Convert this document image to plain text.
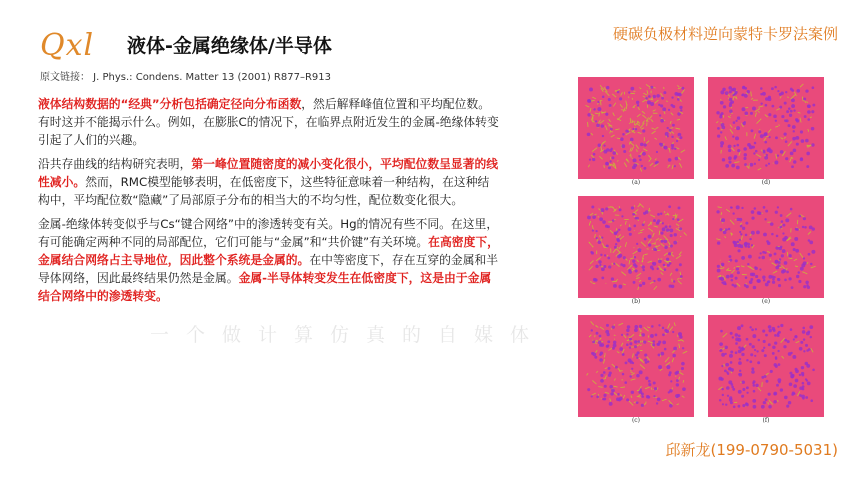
Qxl	液体-金属绝缘体/半导体
硬碳负极材料逆向蒙特卡罗法案例
原文链接： J. Phys.: Condens. Matter 13 (2001) R877–R913

液体结构数据的“经典”分析包括确定径向分布函数，然后解释峰值位置和平均配位数。有时这并不能揭示什么。例如，在膨胀C的情况下，在临界点附近发生的金属-绝缘体转变引起了人们的兴趣。

沿共存曲线的结构研究表明，第一峰位置随密度的减小变化很小，平均配位数呈显著的线性减小。然而，RMC模型能够表明，在低密度下，这些特征意味着一种结构，在这种结构中，平均配位数“隐藏”了局部原子分布的相当大的不均匀性，配位数变化很大。

金属-绝缘体转变似乎与Cs“键合网络”中的渗透转变有关。Hg的情况有些不同。在这里，有可能确定两种不同的局部配位，它们可能与“金属”和“共价键”有关环境。在高密度下，金属结合网络占主导地位，因此整个系统是金属的。在中等密度下，存在互穿的金属和半导体网络，因此最终结果仍然是金属。金属-半导体转变发生在低密度下，这是由于金属结合网络中的渗透转变。

一个做计算仿真的自媒体
(a)	(d)
(b)	(e)
(c)	(f)
邱新龙(199-0790-5031)
